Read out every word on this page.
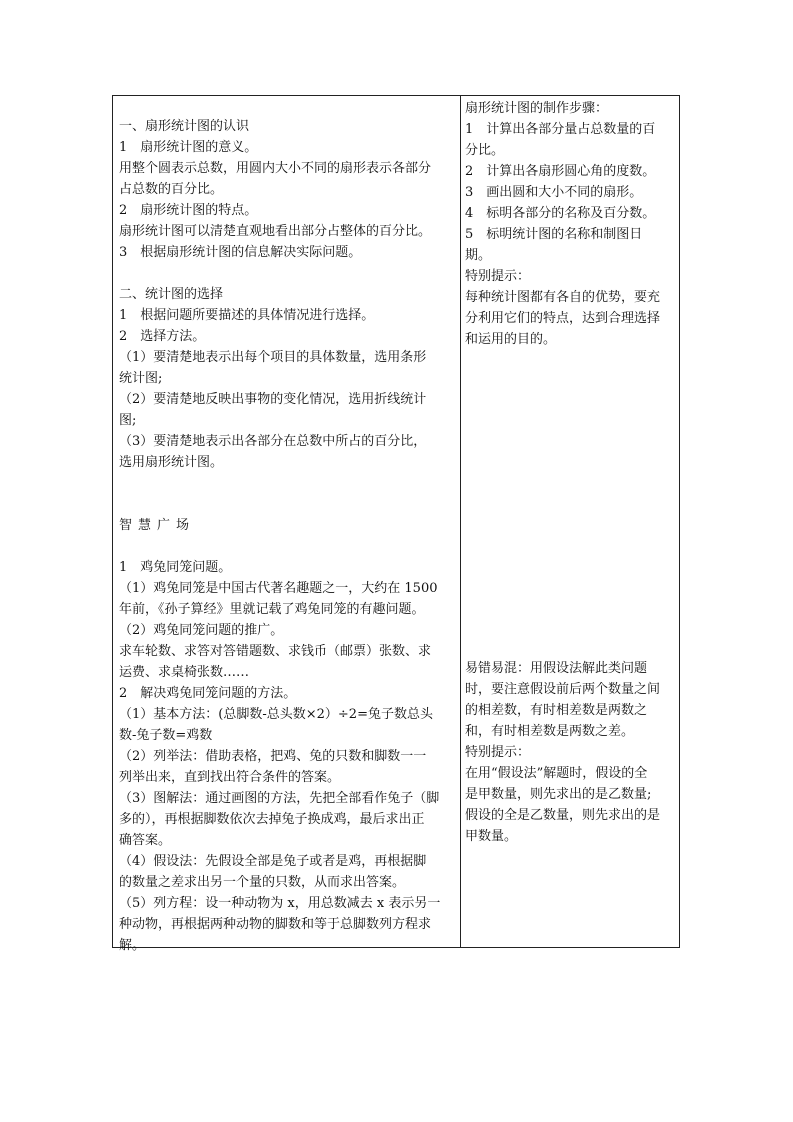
一、扇形统计图的认识
1　扇形统计图的意义。
用整个圆表示总数，用圆内大小不同的扇形表示各部分
占总数的百分比。
2　扇形统计图的特点。
扇形统计图可以清楚直观地看出部分占整体的百分比。
3　根据扇形统计图的信息解决实际问题。
二、统计图的选择
1　根据问题所要描述的具体情况进行选择。
2　选择方法。
（1）要清楚地表示出每个项目的具体数量，选用条形
统计图;
（2）要清楚地反映出事物的变化情况，选用折线统计
图;
（3）要清楚地表示出各部分在总数中所占的百分比，
选用扇形统计图。
智慧广场
1　鸡兔同笼问题。
（1）鸡兔同笼是中国古代著名趣题之一，大约在 1500
年前，《孙子算经》里就记载了鸡兔同笼的有趣问题。
（2）鸡兔同笼问题的推广。
求车轮数、求答对答错题数、求钱币（邮票）张数、求
运费、求桌椅张数……
2　解决鸡兔同笼问题的方法。
（1）基本方法：(总脚数-总头数×2）÷2=兔子数总头
数-兔子数=鸡数
（2）列举法：借助表格，把鸡、兔的只数和脚数一一
列举出来，直到找出符合条件的答案。
（3）图解法：通过画图的方法，先把全部看作兔子（脚
多的），再根据脚数依次去掉兔子换成鸡，最后求出正
确答案。
（4）假设法：先假设全部是兔子或者是鸡，再根据脚
的数量之差求出另一个量的只数，从而求出答案。
（5）列方程：设一种动物为 x，用总数减去 x 表示另一
种动物，再根据两种动物的脚数和等于总脚数列方程求
解。
扇形统计图的制作步骤：
1　计算出各部分量占总数量的百
分比。
2　计算出各扇形圆心角的度数。
3　画出圆和大小不同的扇形。
4　标明各部分的名称及百分数。
5　标明统计图的名称和制图日
期。
特别提示：
每种统计图都有各自的优势，要充
分利用它们的特点，达到合理选择
和运用的目的。
易错易混：用假设法解此类问题
时，要注意假设前后两个数量之间
的相差数，有时相差数是两数之
和，有时相差数是两数之差。
特别提示：
在用“假设法”解题时，假设的全
是甲数量，则先求出的是乙数量;
假设的全是乙数量，则先求出的是
甲数量。
